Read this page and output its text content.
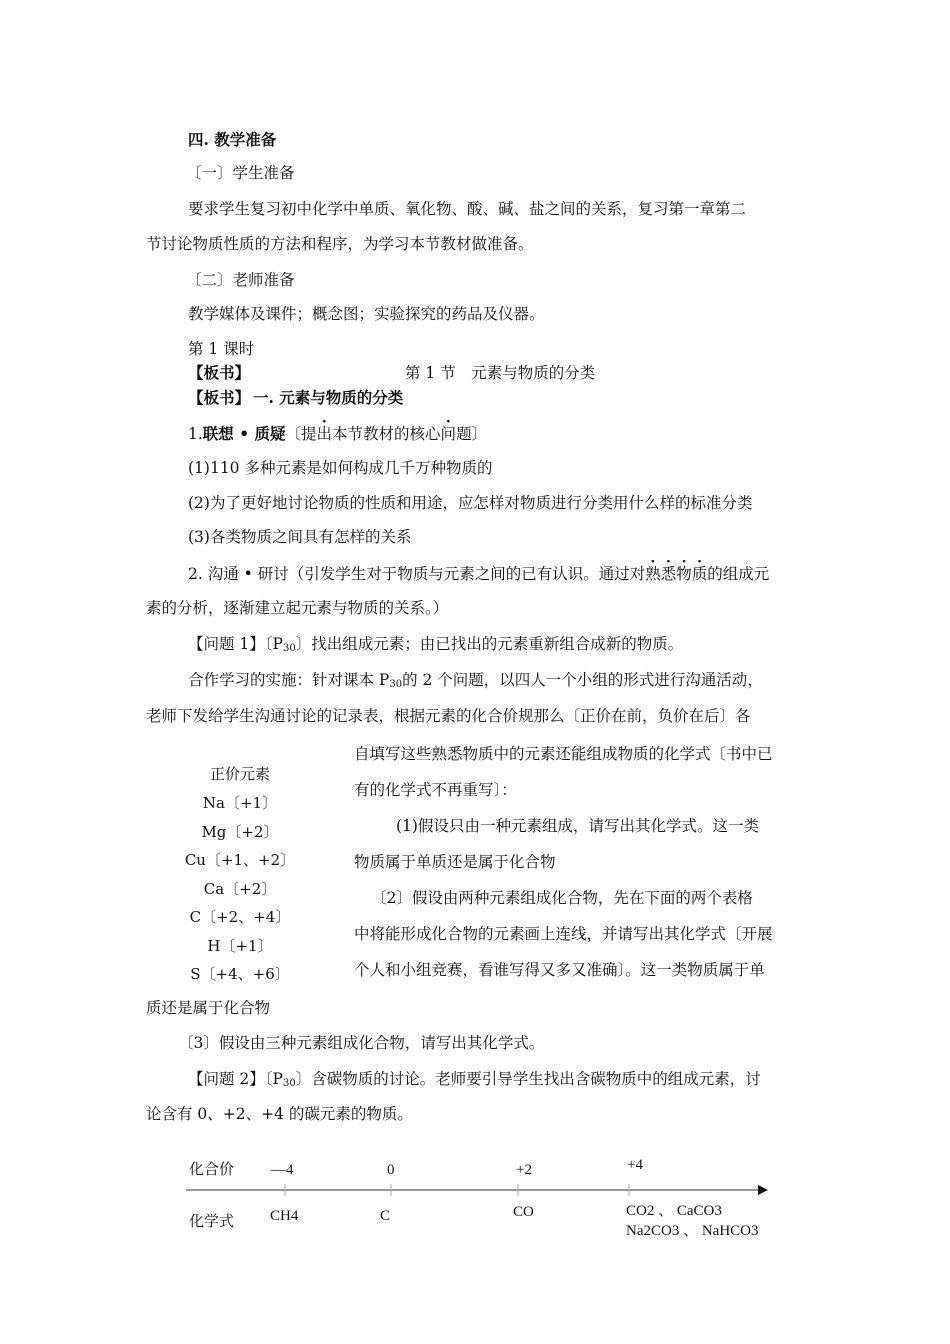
四. 教学准备
〔一〕学生准备
要求学生复习初中化学中单质、氧化物、酸、碱、盐之间的关系，复习第一章第二
节讨论物质性质的方法和程序，为学习本节教材做准备。
〔二〕老师准备
教学媒体及课件；概念图；实验探究的药品及仪器。
第 1 课时
【板书】	第 1 节　元素与物质的分类
【板书】 一. 元素与物质的分类
1.联想 • 质疑〔提出本节教材的核心问题〕
(1)110 多种元素是如何构成几千万种物质的
(2)为了更好地讨论物质的性质和用途，应怎样对物质进行分类用什么样的标准分类
(3)各类物质之间具有怎样的关系
2. 沟通 • 研讨（引发学生对于物质与元素之间的已有认识。通过对熟悉物质的组成元
素的分析，逐渐建立起元素与物质的关系。）
【问题 1】〔$P_{30}$〕找出组成元素；由已找出的元素重新组合成新的物质。
合作学习的实施：针对课本 $P_{30}$的 2 个问题，以四人一个小组的形式进行沟通活动，
老师下发给学生沟通讨论的记录表，根据元素的化合价规那么〔正价在前，负价在后〕各
正价元素
Na〔+1〕
Mg〔+2〕
Cu〔+1、+2〕
Ca〔+2〕
C〔+2、+4〕
H〔+1〕
S〔+4、+6〕
自填写这些熟悉物质中的元素还能组成物质的化学式〔书中已
有的化学式不再重写〕：
(1)假设只由一种元素组成，请写出其化学式。这一类
物质属于单质还是属于化合物
〔2〕假设由两种元素组成化合物，先在下面的两个表格
中将能形成化合物的元素画上连线，并请写出其化学式〔开展
个人和小组竞赛，看谁写得又多又准确〕。这一类物质属于单
质还是属于化合物
〔3〕假设由三种元素组成化合物，请写出其化学式。
【问题 2】〔$P_{30}$〕含碳物质的讨论。老师要引导学生找出含碳物质中的组成元素，讨
论含有 0、+2、+4 的碳元素的物质。
化合价
化学式
—4	0	+2	+4
CH4	C	CO	CO2 、 CaCO3
Na2CO3 、 NaHCO3
